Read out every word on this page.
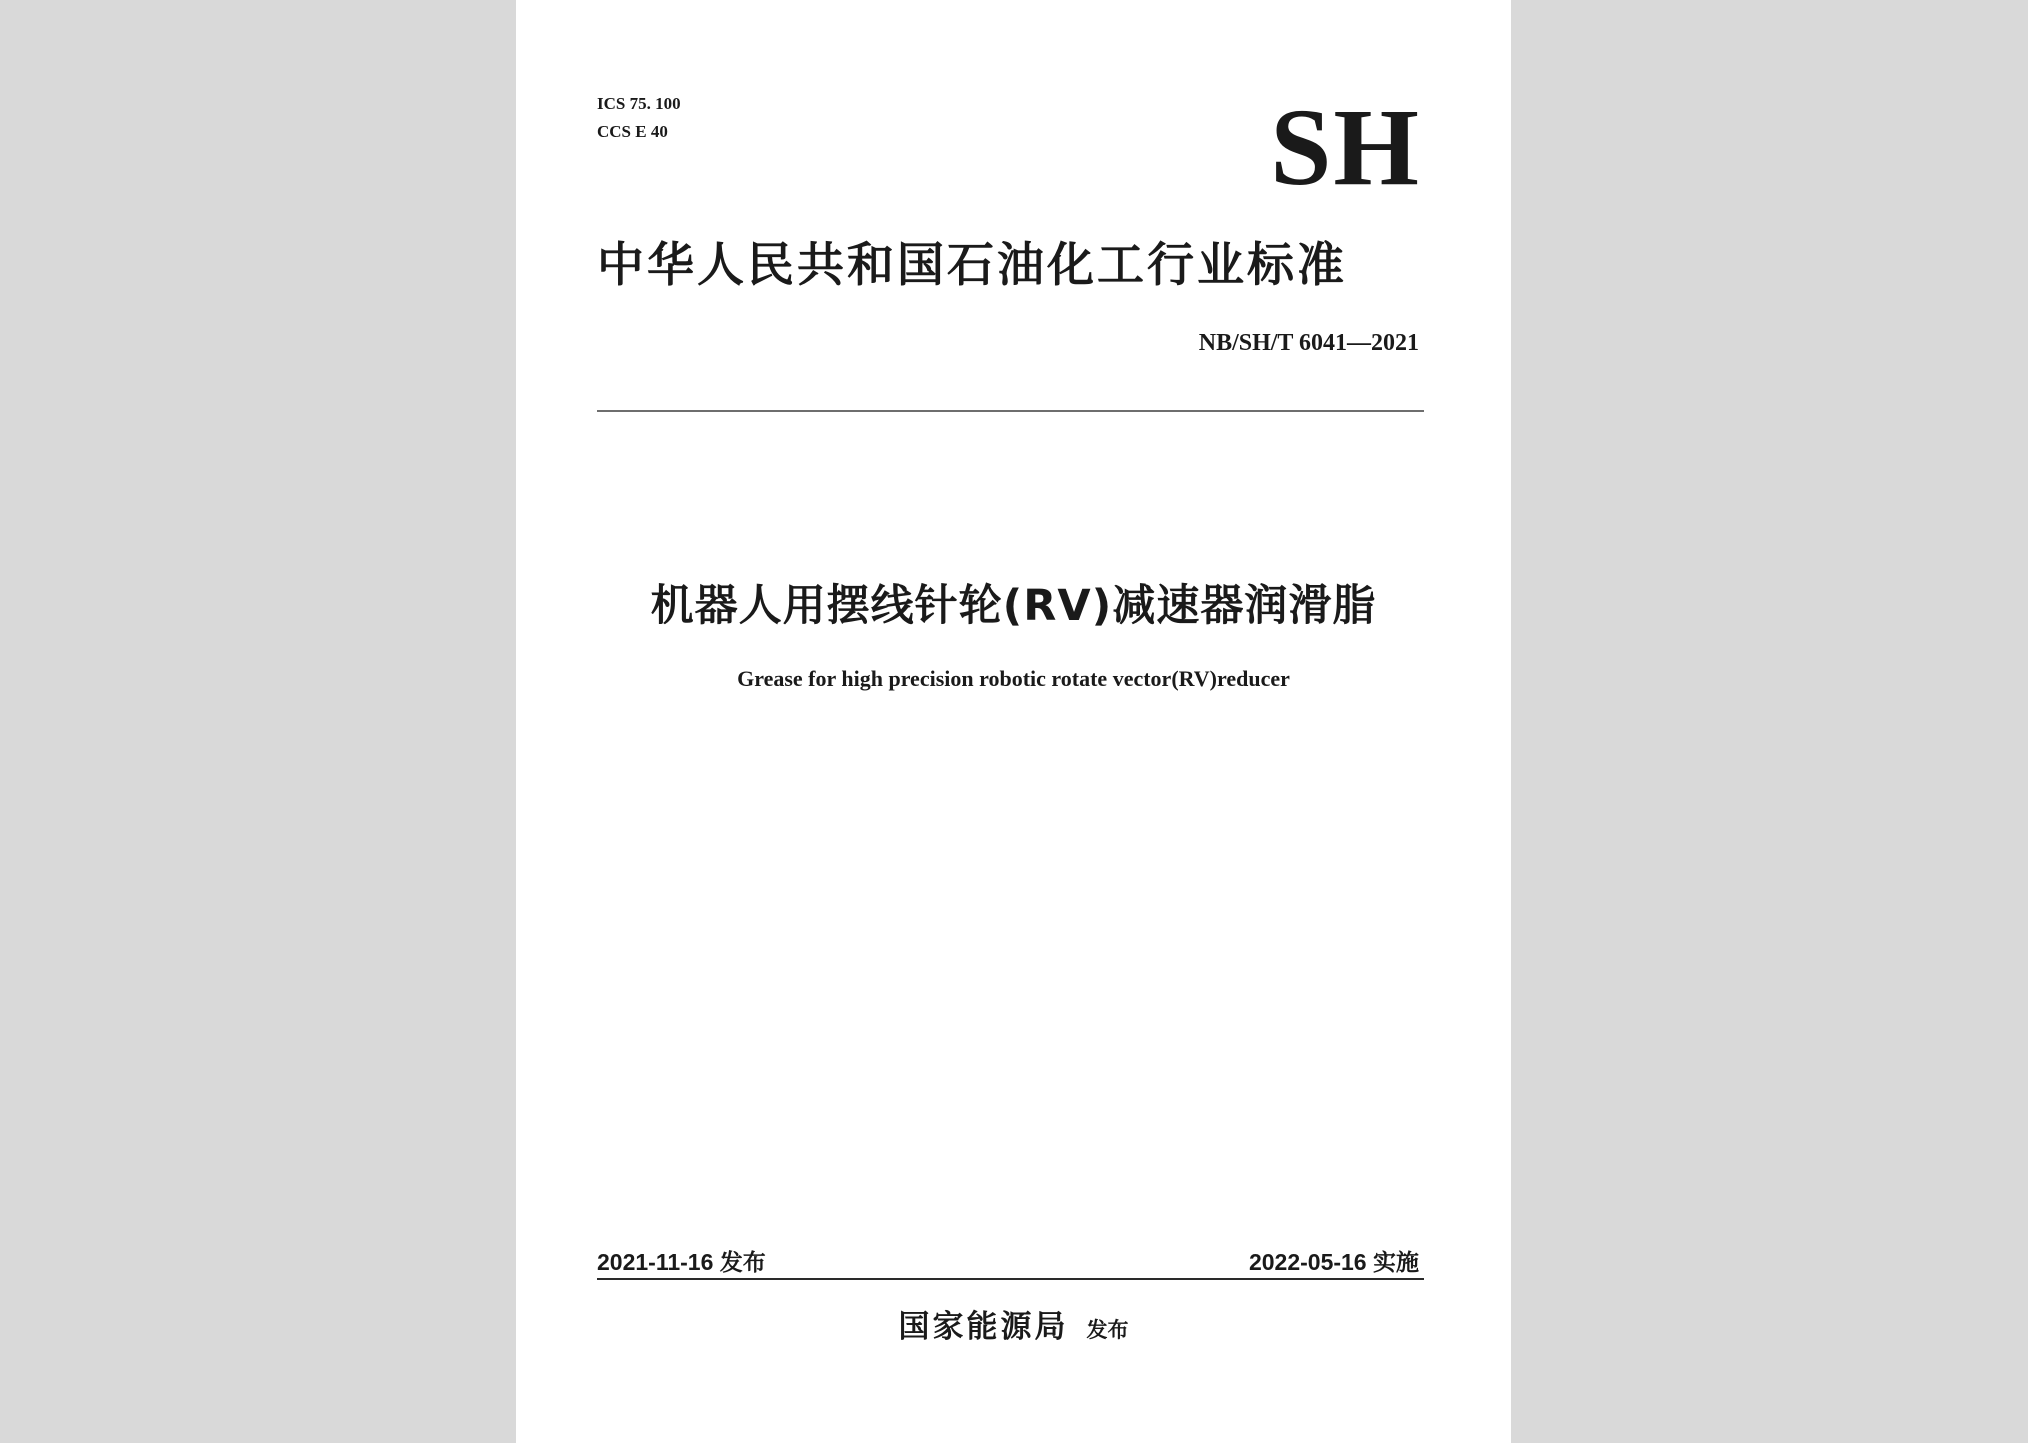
ICS 75. 100
CCS E 40	SH
中华人民共和国石油化工行业标准
NB/SH/T 6041—2021
机器人用摆线针轮(RV)减速器润滑脂
Grease for high precision robotic rotate vector(RV)reducer
2021-11-16 发布	2022-05-16 实施
国家能源局 发布
